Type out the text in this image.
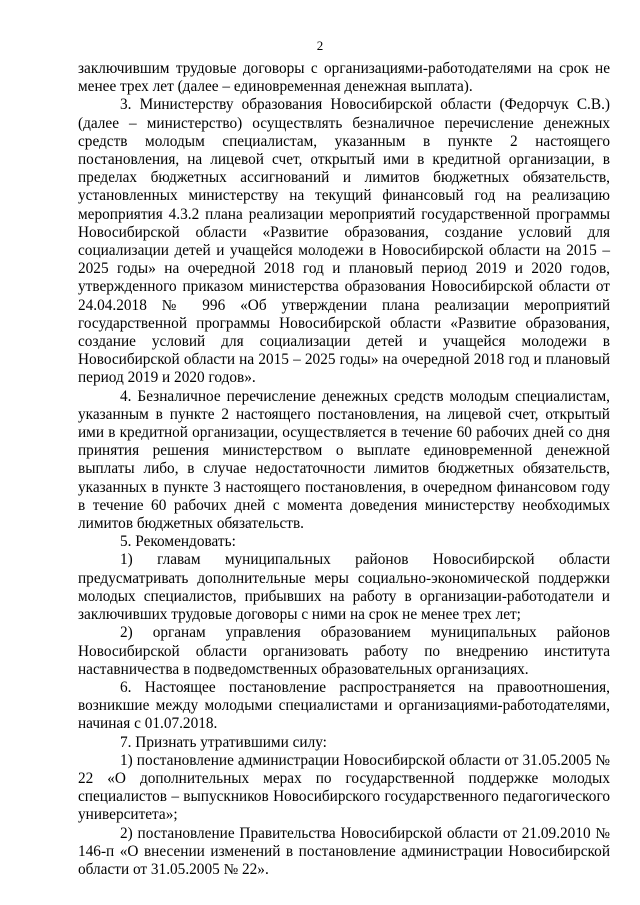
2

заключившим трудовые договоры с организациями-работодателями на срок не менее трех лет (далее – единовременная денежная выплата).

3. Министерству образования Новосибирской области (Федорчук С.В.) (далее – министерство) осуществлять безналичное перечисление денежных средств молодым специалистам, указанным в пункте 2 настоящего постановления, на лицевой счет, открытый ими в кредитной организации, в пределах бюджетных ассигнований и лимитов бюджетных обязательств, установленных министерству на текущий финансовый год на реализацию мероприятия 4.3.2 плана реализации мероприятий государственной программы Новосибирской области «Развитие образования, создание условий для социализации детей и учащейся молодежи в Новосибирской области на 2015 – 2025 годы» на очередной 2018 год и плановый период 2019 и 2020 годов, утвержденного приказом министерства образования Новосибирской области от 24.04.2018 № 996 «Об утверждении плана реализации мероприятий государственной программы Новосибирской области «Развитие образования, создание условий для социализации детей и учащейся молодежи в Новосибирской области на 2015 – 2025 годы» на очередной 2018 год и плановый период 2019 и 2020 годов».

4. Безналичное перечисление денежных средств молодым специалистам, указанным в пункте 2 настоящего постановления, на лицевой счет, открытый ими в кредитной организации, осуществляется в течение 60 рабочих дней со дня принятия решения министерством о выплате единовременной денежной выплаты либо, в случае недостаточности лимитов бюджетных обязательств, указанных в пункте 3 настоящего постановления, в очередном финансовом году в течение 60 рабочих дней с момента доведения министерству необходимых лимитов бюджетных обязательств.

5. Рекомендовать:

1) главам муниципальных районов Новосибирской области предусматривать дополнительные меры социально-экономической поддержки молодых специалистов, прибывших на работу в организации-работодатели и заключивших трудовые договоры с ними на срок не менее трех лет;

2) органам управления образованием муниципальных районов Новосибирской области организовать работу по внедрению института наставничества в подведомственных образовательных организациях.

6. Настоящее постановление распространяется на правоотношения, возникшие между молодыми специалистами и организациями-работодателями, начиная с 01.07.2018.

7. Признать утратившими силу:

1) постановление администрации Новосибирской области от 31.05.2005 № 22 «О дополнительных мерах по государственной поддержке молодых специалистов – выпускников Новосибирского государственного педагогического университета»;

2) постановление Правительства Новосибирской области от 21.09.2010 № 146-п «О внесении изменений в постановление администрации Новосибирской области от 31.05.2005 № 22».
